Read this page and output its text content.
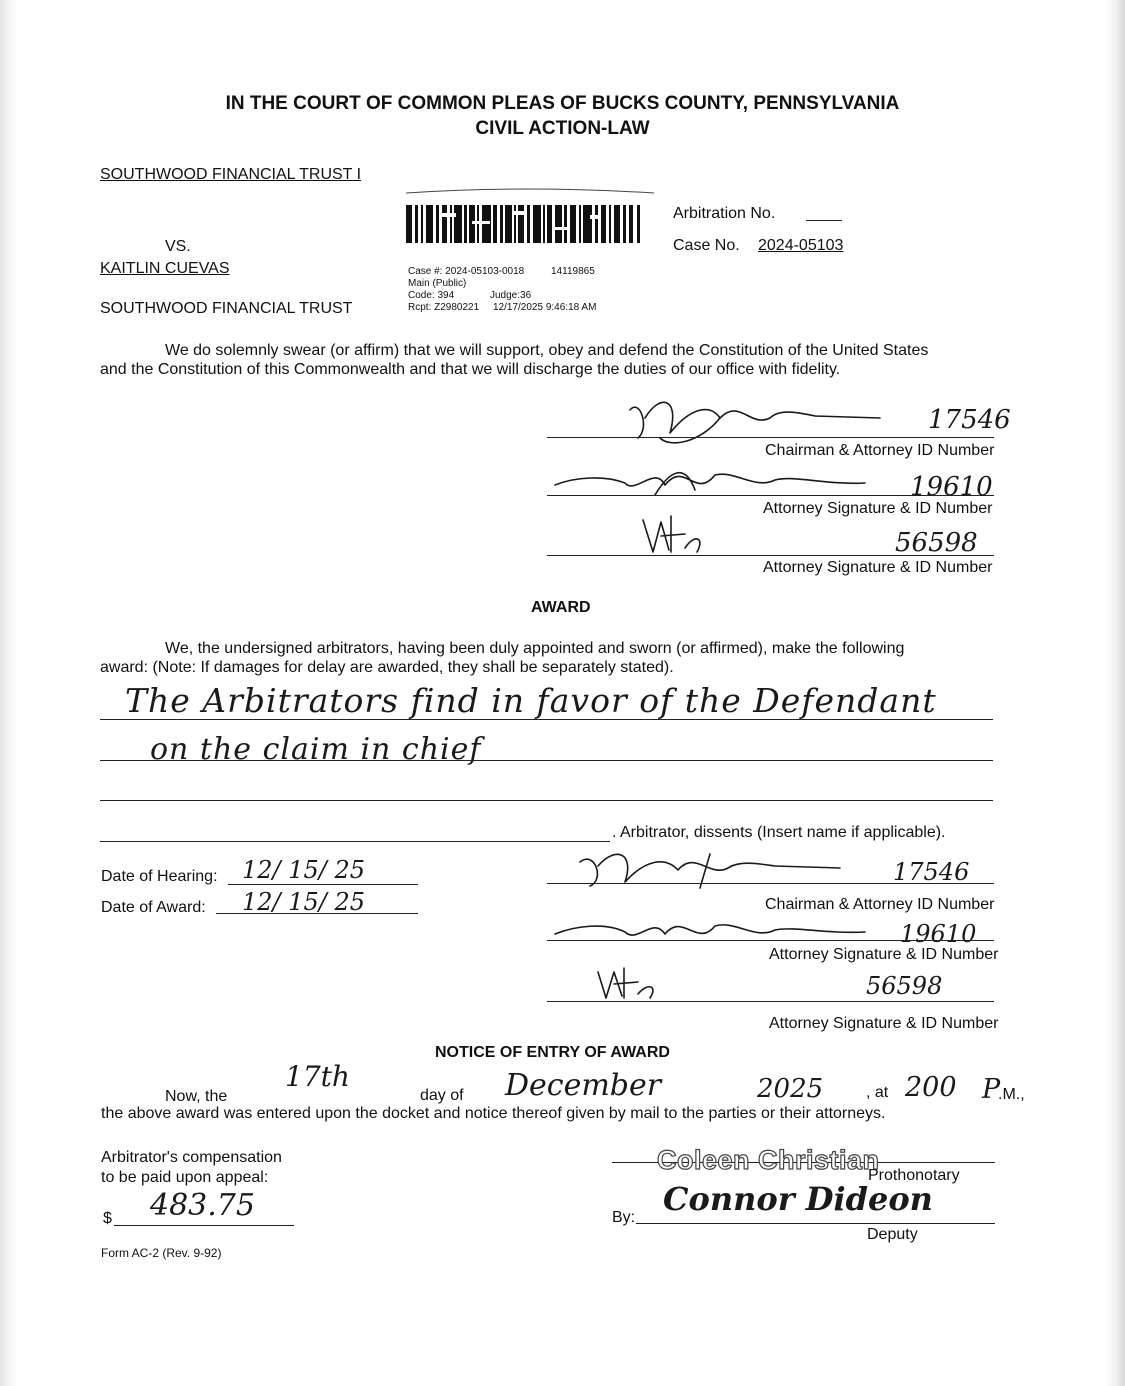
IN THE COURT OF COMMON PLEAS OF BUCKS COUNTY, PENNSYLVANIA
CIVIL ACTION-LAW
SOUTHWOOD FINANCIAL TRUST I
VS.
KAITLIN CUEVAS
SOUTHWOOD FINANCIAL TRUST
Case #: 2024-05103-0018	14119865
Main (Public)
Code: 394	Judge:36
Rcpt: Z2980221 12/17/2025 9:46:18 AM
Arbitration No.
Case No. 2024-05103
We do solemnly swear (or affirm) that we will support, obey and defend the Constitution of the United States
and the Constitution of this Commonwealth and that we will discharge the duties of our office with fidelity.
17546
Chairman & Attorney ID Number
19610
Attorney Signature & ID Number
56598
Attorney Signature & ID Number
AWARD
We, the undersigned arbitrators, having been duly appointed and sworn (or affirmed), make the following
award: (Note: If damages for delay are awarded, they shall be separately stated).
The Arbitrators find in favor of the Defendant
on the claim in chief
. Arbitrator, dissents (Insert name if applicable).
Date of Hearing: 12/ 15/ 25
Date of Award: 12/ 15/ 25
17546
Chairman & Attorney ID Number
19610
Attorney Signature & ID Number
56598
Attorney Signature & ID Number
NOTICE OF ENTRY OF AWARD
Now, the
17th
day of December	2025	, at 200 P
.M.,
the above award was entered upon the docket and notice thereof given by mail to the parties or their attorneys.
Arbitrator's compensation
to be paid upon appeal:
$ 483.75
Coleen Christian
Prothonotary
By: Connor Dideon
Deputy
Form AC-2 (Rev. 9-92)
